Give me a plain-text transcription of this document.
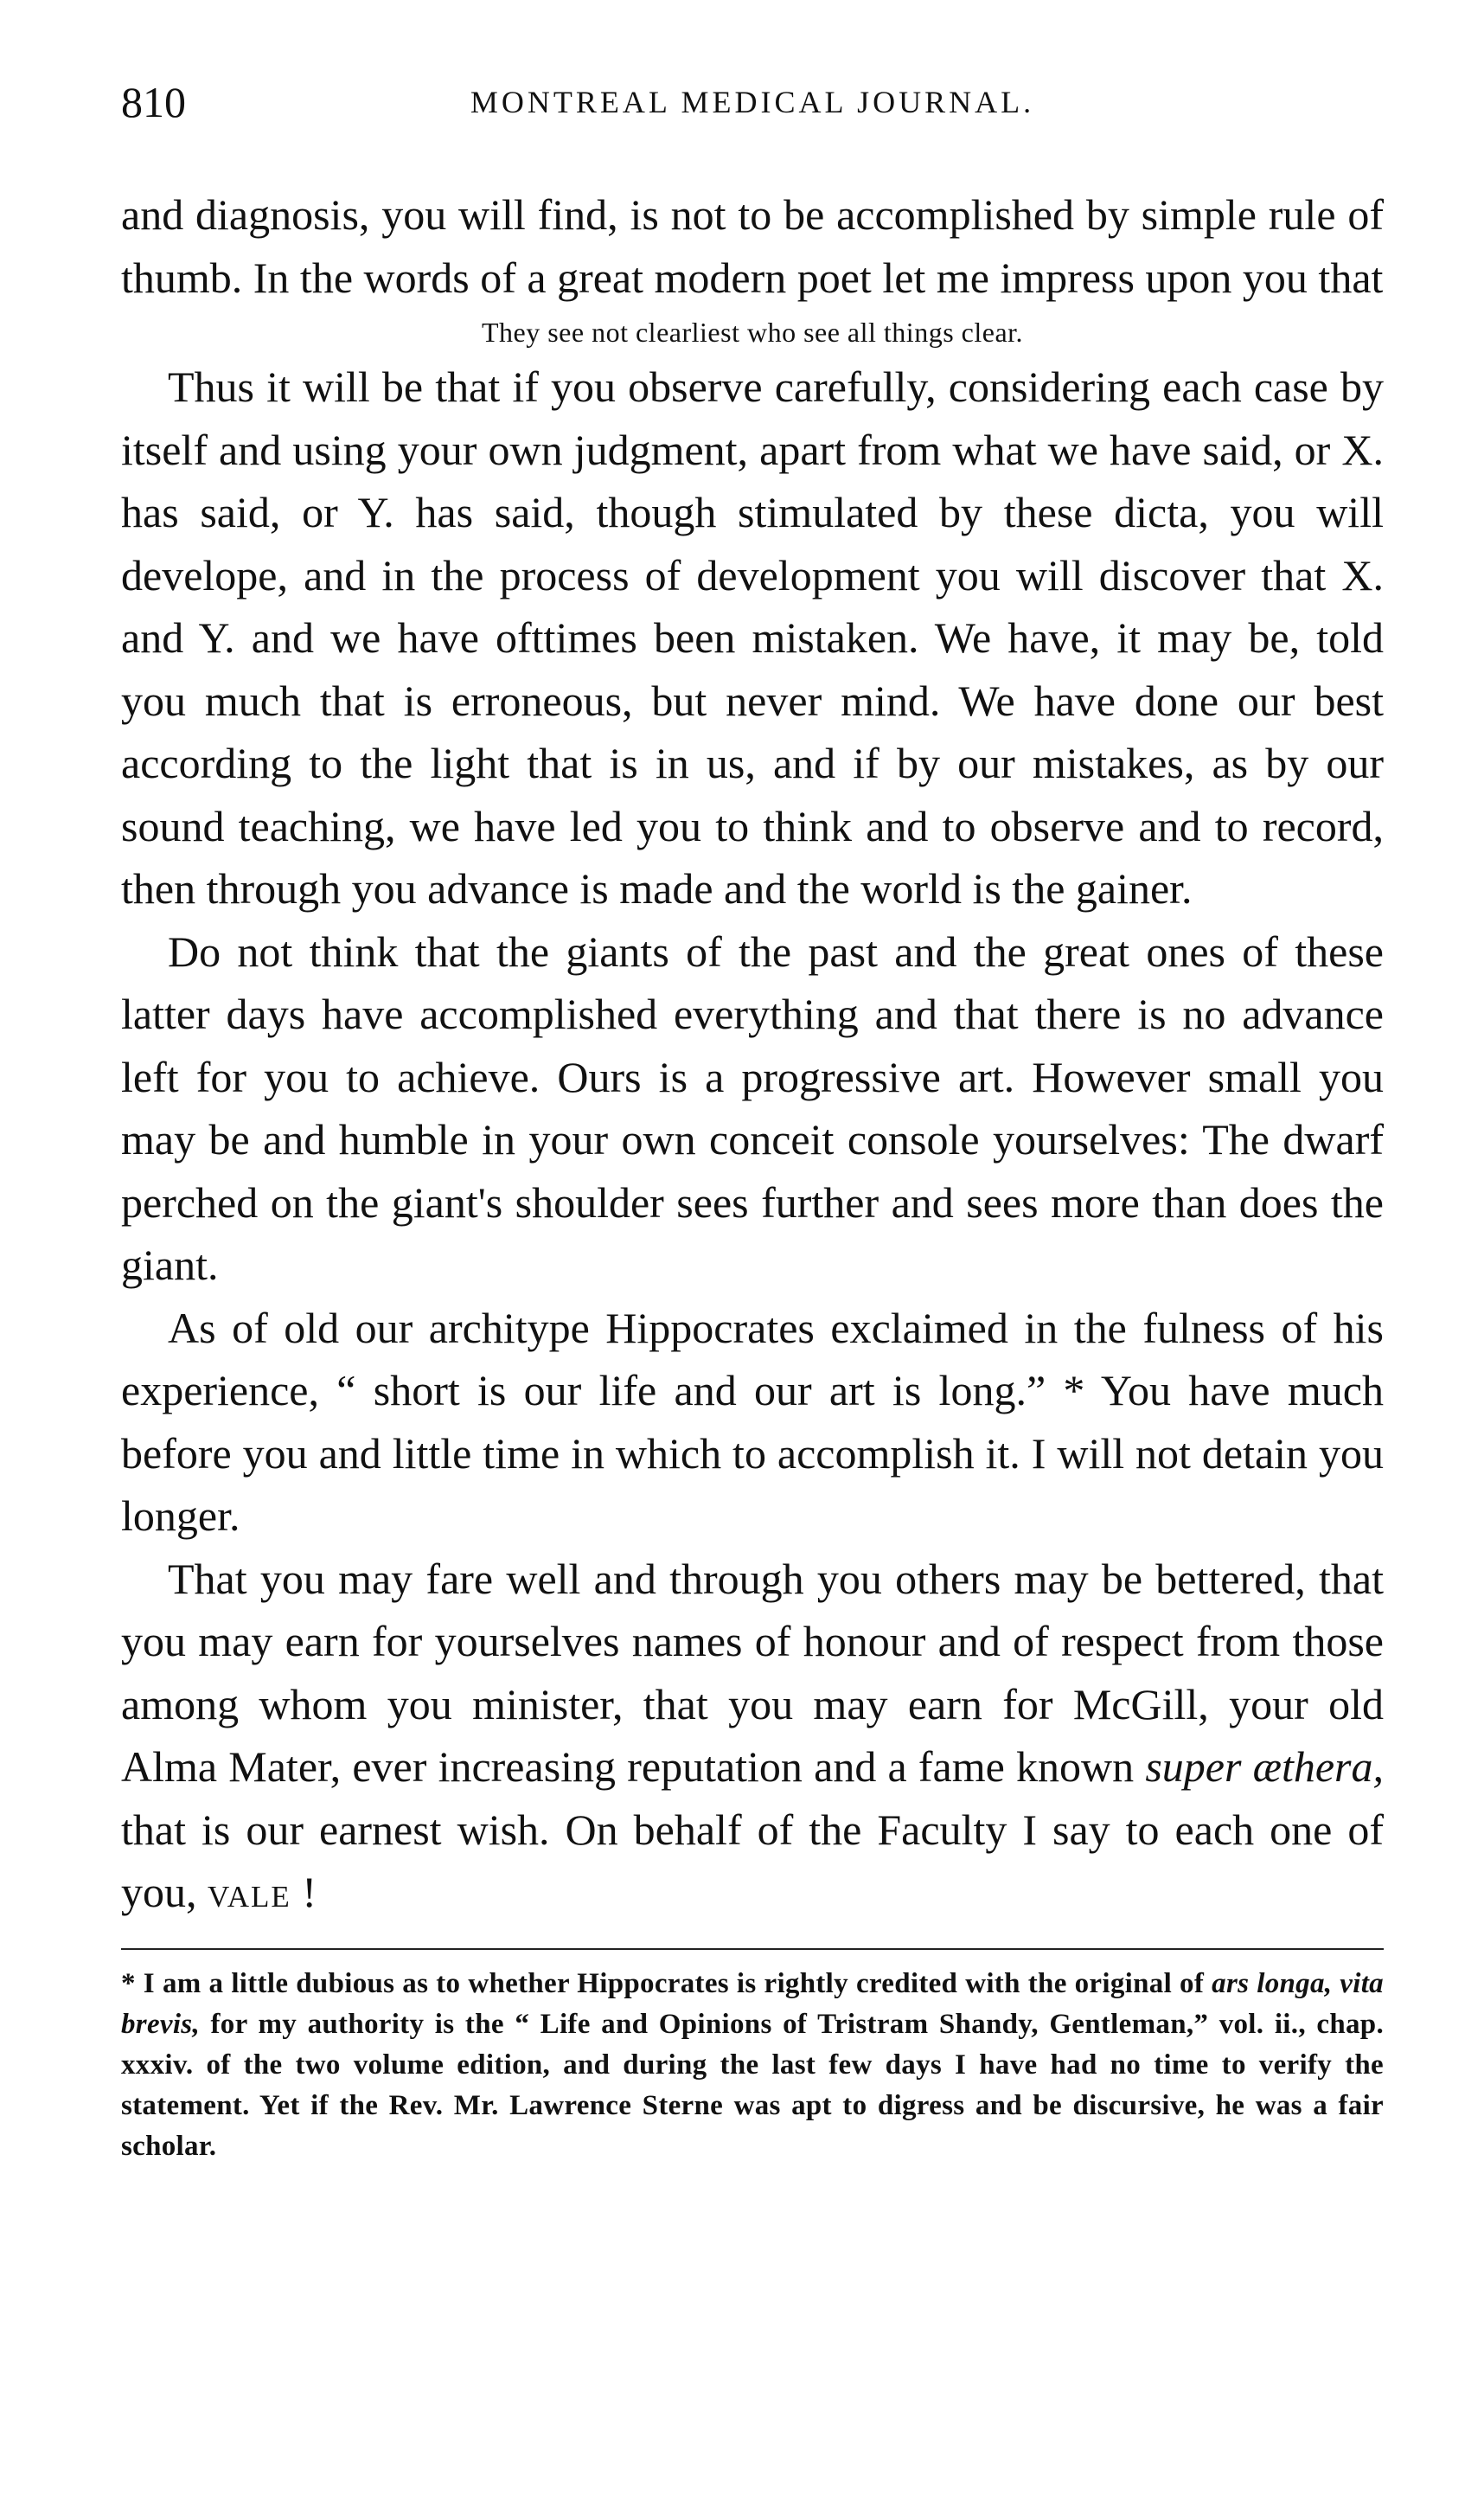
810	MONTREAL MEDICAL JOURNAL.

and diagnosis, you will find, is not to be accomplished by simple rule of thumb. In the words of a great modern poet let me impress upon you that

They see not clearliest who see all things clear.

Thus it will be that if you observe carefully, considering each case by itself and using your own judgment, apart from what we have said, or X. has said, or Y. has said, though stimulated by these dicta, you will develope, and in the process of development you will discover that X. and Y. and we have ofttimes been mistaken. We have, it may be, told you much that is erroneous, but never mind. We have done our best according to the light that is in us, and if by our mistakes, as by our sound teaching, we have led you to think and to observe and to record, then through you advance is made and the world is the gainer.

Do not think that the giants of the past and the great ones of these latter days have accomplished everything and that there is no advance left for you to achieve. Ours is a progressive art. However small you may be and humble in your own conceit console yourselves: The dwarf perched on the giant's shoulder sees further and sees more than does the giant.

As of old our architype Hippocrates exclaimed in the fulness of his experience, “ short is our life and our art is long.” * You have much before you and little time in which to accomplish it. I will not detain you longer.

That you may fare well and through you others may be bettered, that you may earn for yourselves names of honour and of respect from those among whom you minister, that you may earn for McGill, your old Alma Mater, ever increasing reputation and a fame known super æthera, that is our earnest wish. On behalf of the Faculty I say to each one of you, vale !

* I am a little dubious as to whether Hippocrates is rightly credited with the original of ars longa, vita brevis, for my authority is the “ Life and Opinions of Tristram Shandy, Gentleman,” vol. ii., chap. xxxiv. of the two volume edition, and during the last few days I have had no time to verify the statement. Yet if the Rev. Mr. Lawrence Sterne was apt to digress and be discursive, he was a fair scholar.
